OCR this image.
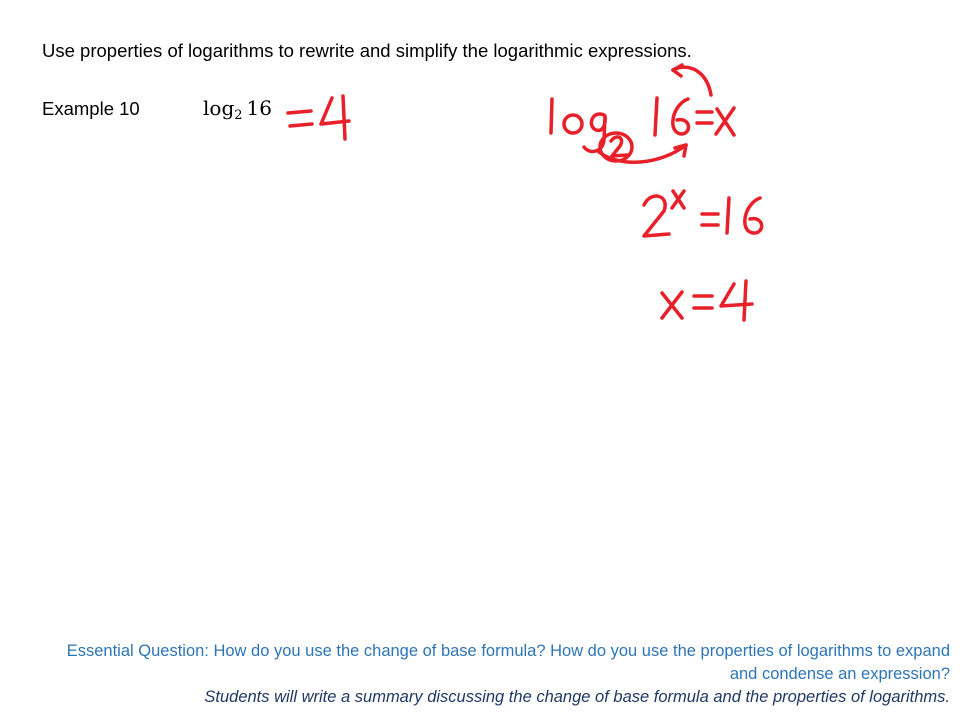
Use properties of logarithms to rewrite and simplify the logarithmic expressions.
Example 10	$\log_2 16$
Essential Question: How do you use the change of base formula? How do you use the properties of logarithms to expand and condense an expression?
Students will write a summary discussing the change of base formula and the properties of logarithms.
